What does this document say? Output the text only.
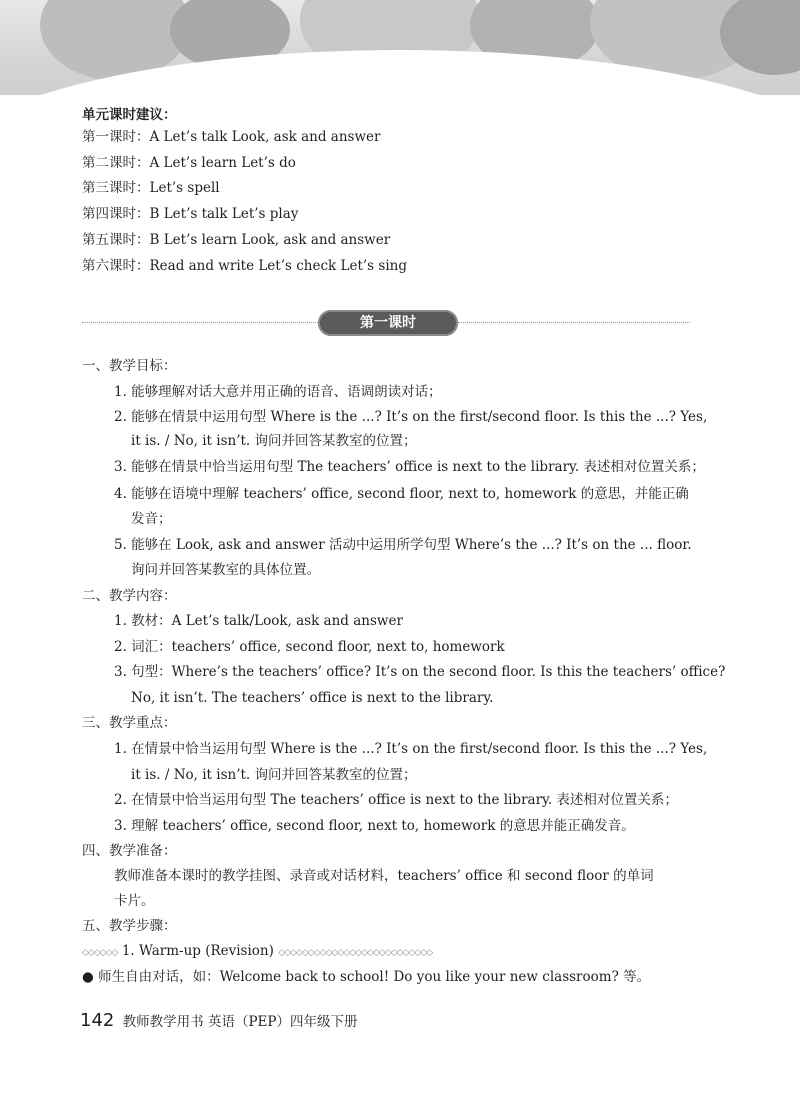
单元课时建议：
第一课时：A Let’s talk Look, ask and answer
第二课时：A Let’s learn Let’s do
第三课时：Let’s spell
第四课时：B Let’s talk Let’s play
第五课时：B Let’s learn Look, ask and answer
第六课时：Read and write Let’s check Let’s sing
第一课时
一、教学目标：
1. 能够理解对话大意并用正确的语音、语调朗读对话；
2. 能够在情景中运用句型 Where is the ...? It’s on the first/second floor. Is this the ...? Yes,
it is. / No, it isn’t. 询问并回答某教室的位置；
3. 能够在情景中恰当运用句型 The teachers’ office is next to the library. 表述相对位置关系；
4. 能够在语境中理解 teachers’ office, second floor, next to, homework 的意思，并能正确
发音；
5. 能够在 Look, ask and answer 活动中运用所学句型 Where’s the ...? It’s on the ... floor.
询问并回答某教室的具体位置。
二、教学内容：
1. 教材：A Let’s talk/Look, ask and answer
2. 词汇：teachers’ office, second floor, next to, homework
3. 句型：Where’s the teachers’ office? It’s on the second floor. Is this the teachers’ office?
No, it isn’t. The teachers’ office is next to the library.
三、教学重点：
1. 在情景中恰当运用句型 Where is the ...? It’s on the first/second floor. Is this the ...? Yes,
it is. / No, it isn’t. 询问并回答某教室的位置；
2. 在情景中恰当运用句型 The teachers’ office is next to the library. 表述相对位置关系；
3. 理解 teachers’ office, second floor, next to, homework 的意思并能正确发音。
四、教学准备：
教师准备本课时的教学挂图、录音或对话材料，teachers’ office 和 second floor 的单词
卡片。
五、教学步骤：
◇◇◇◇◇◇ 1. Warm-up (Revision) ◇◇◇◇◇◇◇◇◇◇◇◇◇◇◇◇◇◇◇◇◇◇◇◇◇◇
● 师生自由对话，如：Welcome back to school! Do you like your new classroom? 等。
142 教师教学用书 英语（PEP）四年级下册
